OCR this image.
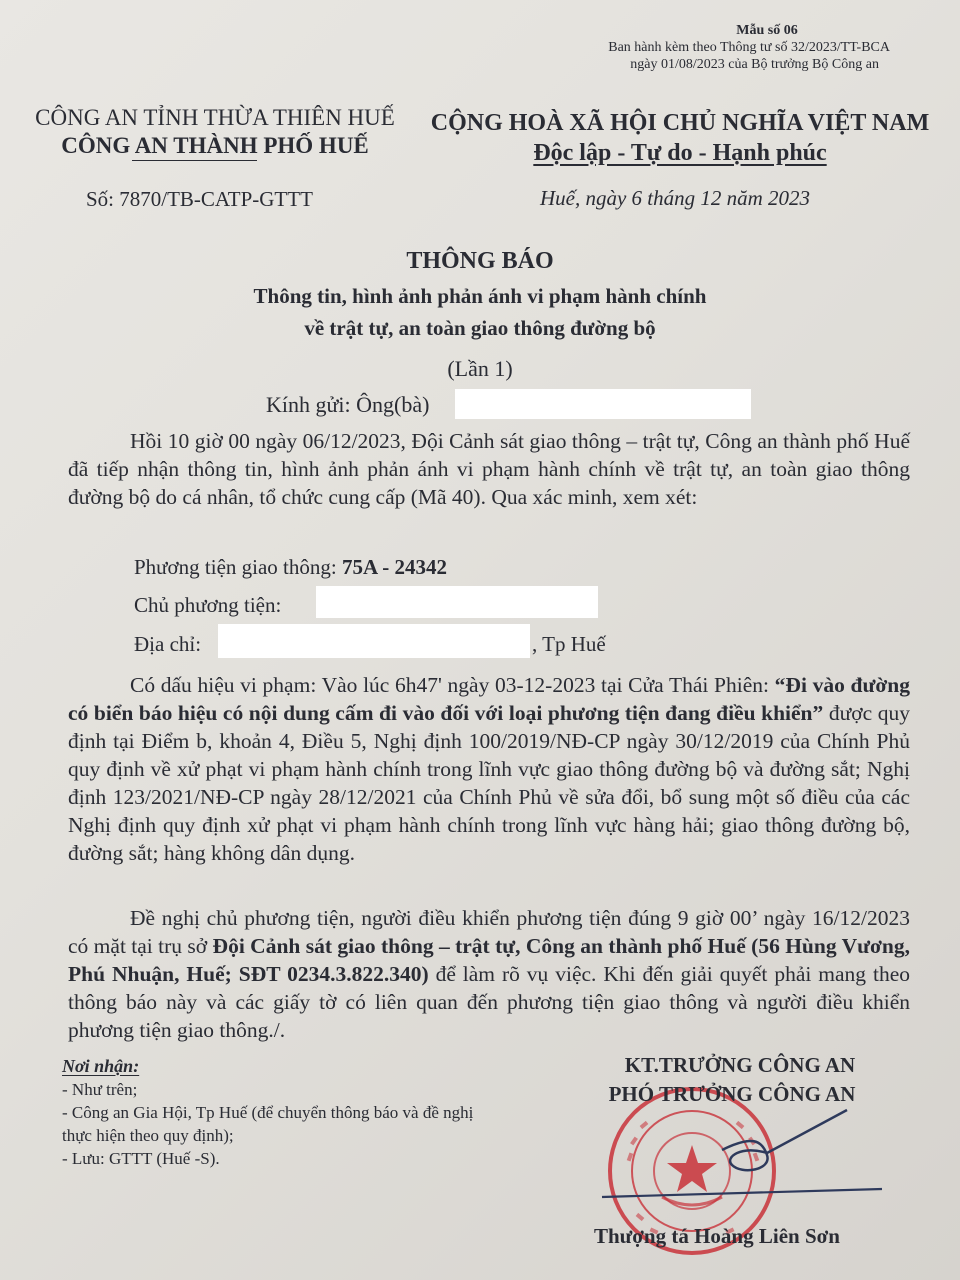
Mẫu số 06
Ban hành kèm theo Thông tư số 32/2023/TT-BCA
ngày 01/08/2023 của Bộ trưởng Bộ Công an
CÔNG AN TỈNH THỪA THIÊN HUẾ
CÔNG AN THÀNH PHỐ HUẾ
Số: 7870/TB-CATP-GTTT
CỘNG HOÀ XÃ HỘI CHỦ NGHĨA VIỆT NAM
Độc lập - Tự do - Hạnh phúc
Huế, ngày 6 tháng 12 năm 2023
THÔNG BÁO
Thông tin, hình ảnh phản ánh vi phạm hành chính
về trật tự, an toàn giao thông đường bộ
(Lần 1)
Kính gửi: Ông(bà)
Hồi 10 giờ 00 ngày 06/12/2023, Đội Cảnh sát giao thông – trật tự, Công an thành phố Huế đã tiếp nhận thông tin, hình ảnh phản ánh vi phạm hành chính về trật tự, an toàn giao thông đường bộ do cá nhân, tổ chức cung cấp (Mã 40). Qua xác minh, xem xét:
Phương tiện giao thông: 75A - 24342
Chủ phương tiện:
Địa chỉ:	, Tp Huế
Có dấu hiệu vi phạm: Vào lúc 6h47' ngày 03-12-2023 tại Cửa Thái Phiên: “Đi vào đường có biển báo hiệu có nội dung cấm đi vào đối với loại phương tiện đang điều khiển” được quy định tại Điểm b, khoản 4, Điều 5, Nghị định 100/2019/NĐ-CP ngày 30/12/2019 của Chính Phủ quy định về xử phạt vi phạm hành chính trong lĩnh vực giao thông đường bộ và đường sắt; Nghị định 123/2021/NĐ-CP ngày 28/12/2021 của Chính Phủ về sửa đổi, bổ sung một số điều của các Nghị định quy định xử phạt vi phạm hành chính trong lĩnh vực hàng hải; giao thông đường bộ, đường sắt; hàng không dân dụng.
Đề nghị chủ phương tiện, người điều khiển phương tiện đúng 9 giờ 00’ ngày 16/12/2023 có mặt tại trụ sở Đội Cảnh sát giao thông – trật tự, Công an thành phố Huế (56 Hùng Vương, Phú Nhuận, Huế; SĐT 0234.3.822.340) để làm rõ vụ việc. Khi đến giải quyết phải mang theo thông báo này và các giấy tờ có liên quan đến phương tiện giao thông và người điều khiển phương tiện giao thông./.
Nơi nhận:
- Như trên;
- Công an Gia Hội, Tp Huế (để chuyển thông báo và đề nghị thực hiện theo quy định);
- Lưu: GTTT (Huế -S).
KT.TRƯỞNG CÔNG AN
PHÓ TRƯỞNG CÔNG AN
Thượng tá Hoàng Liên Sơn
